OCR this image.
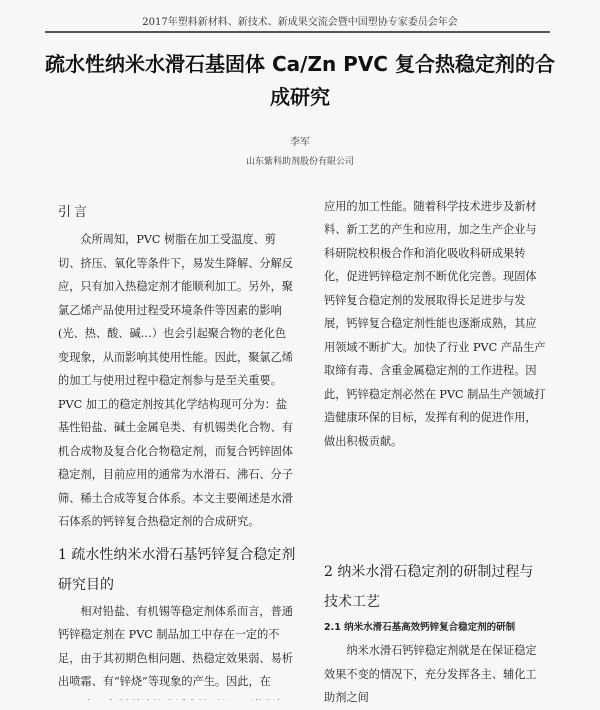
2017年塑料新材料、新技术、新成果交流会暨中国塑协专家委员会年会
疏水性纳米水滑石基固体 Ca/Zn PVC 复合热稳定剂的合成研究
李军
山东紫科助剂股份有限公司

引言

众所周知，PVC 树脂在加工受温度、剪切、挤压、氧化等条件下，易发生降解、分解反应，只有加入热稳定剂才能顺利加工。另外，聚氯乙烯产品使用过程受环境条件等因素的影响(光、热、酸、碱…）也会引起聚合物的老化色变现象，从而影响其使用性能。因此，聚氯乙烯的加工与使用过程中稳定剂参与是至关重要。PVC 加工的稳定剂按其化学结构现可分为：盐基性铅盐、碱土金属皂类、有机锡类化合物、有机合成物及复合化合物稳定剂，而复合钙锌固体稳定剂，目前应用的通常为水滑石、沸石、分子筛、稀土合成等复合体系。本文主要阐述是水滑石体系的钙锌复合热稳定剂的合成研究。

1 疏水性纳米水滑石基钙锌复合稳定剂研究目的

相对铅盐、有机锡等稳定剂体系而言，普通钙锌稳定剂在 PVC 制品加工中存在一定的不足，由于其初期色相问题、热稳定效果弱、易析出喷霜、有“锌烧”等现象的产生。因此，在

应用的加工性能。随着科学技术进步及新材料、新工艺的产生和应用，加之生产企业与科研院校积极合作和消化吸收科研成果转化，促进钙锌稳定剂不断优化完善。现固体钙锌复合稳定剂的发展取得长足进步与发展，钙锌复合稳定剂性能也逐渐成熟，其应用领域不断扩大。加快了行业 PVC 产品生产取缔有毒、含重金属稳定剂的工作进程。因此，钙锌稳定剂必然在 PVC 制品生产领域打造健康环保的目标，发挥有利的促进作用，做出积极贡献。

2 纳米水滑石稳定剂的研制过程与技术工艺

2.1 纳米水滑石基高效钙锌复合稳定剂的研制

纳米水滑石钙锌稳定剂就是在保证稳定效果不变的情况下，充分发挥各主、辅化工助剂之间
